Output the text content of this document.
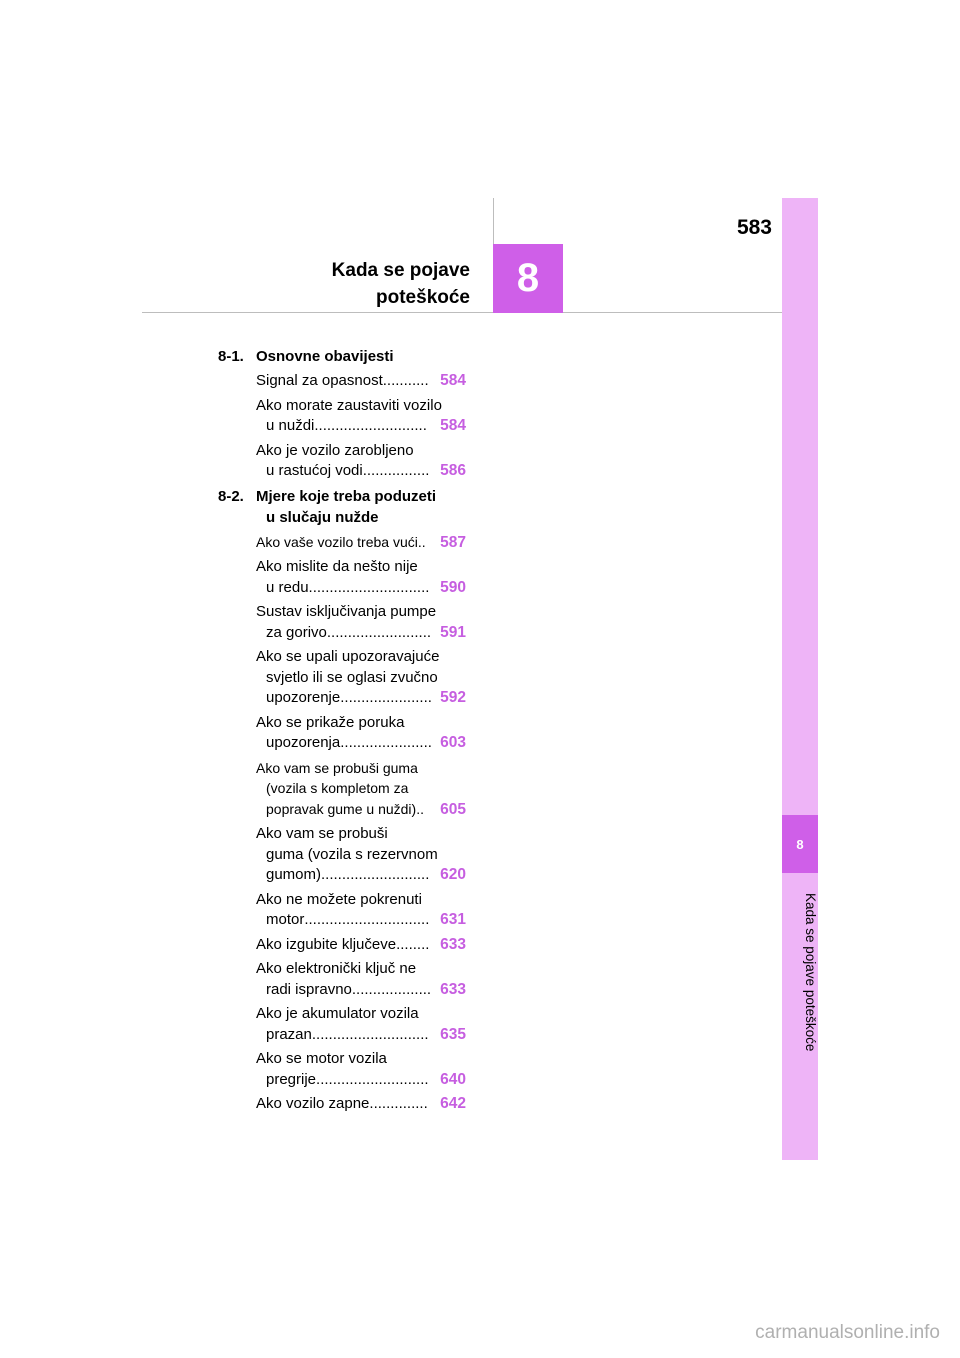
583
Kada se pojave
poteškoće	8
8
Kada se pojave poteškoće
8-1. Osnovne obavijesti
Signal za opasnost ........... 584
Ako morate zaustaviti vozilo
u nuždi ........................... 584
Ako je vozilo zarobljeno
u rastućoj vodi ................ 586
8-2. Mjere koje treba poduzeti
u slučaju nužde
Ako vaše vozilo treba vući .. 587
Ako mislite da nešto nije
u redu ............................. 590
Sustav isključivanja pumpe
za gorivo ......................... 591
Ako se upali upozoravajuće
svjetlo ili se oglasi zvučno
upozorenje ...................... 592
Ako se prikaže poruka
upozorenja ...................... 603
Ako vam se probuši guma
(vozila s kompletom za
popravak gume u nuždi) ..	605
Ako vam se probuši
guma (vozila s rezervnom
gumom) .......................... 620
Ako ne možete pokrenuti
motor .............................. 631
Ako izgubite ključeve ........ 633
Ako elektronički ključ ne
radi ispravno ................... 633
Ako je akumulator vozila
prazan ............................ 635
Ako se motor vozila
pregrije ........................... 640
Ako vozilo zapne .............. 642
carmanualsonline.info
